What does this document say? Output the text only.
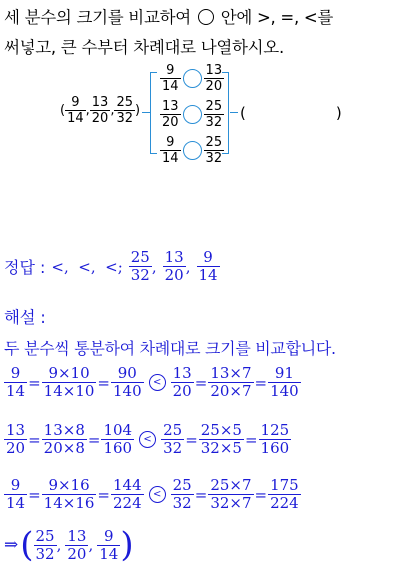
세 분수의 크기를 비교하여 안에 >, =, <를
써넣고, 큰 수부터 차례대로 나열하시오.
( $\frac{9}{14}$ , $\frac{13}{20}$ , $\frac{25}{32}$ )
$\frac{9}{14} \frac{13}{20}$
$\frac{13}{20} \frac{25}{32}$
$\frac{9}{14} \frac{25}{32}$
(	)
정답 : <,  <,  <; $\frac{25}{32}$ , $\frac{13}{20}$ , $\frac{9}{14}$
해설 :
두 분수씩 통분하여 차례대로 크기를 비교합니다.
$\frac{9}{14} = \frac{9\times 10}{14\times 10} = \frac{90}{140} < \frac{13}{20} = \frac{13\times 7}{20\times 7} = \frac{91}{140}$
$\frac{13}{20} = \frac{13\times 8}{20\times 8} = \frac{104}{160} < \frac{25}{32} = \frac{25\times 5}{32\times 5} = \frac{125}{160}$
$\frac{9}{14} = \frac{9\times 16}{14\times 16} = \frac{144}{224} < \frac{25}{32} = \frac{25\times 7}{32\times 7} = \frac{175}{224}$
⇒ ( $\frac{25}{32}$ , $\frac{13}{20}$ , $\frac{9}{14}$ )
